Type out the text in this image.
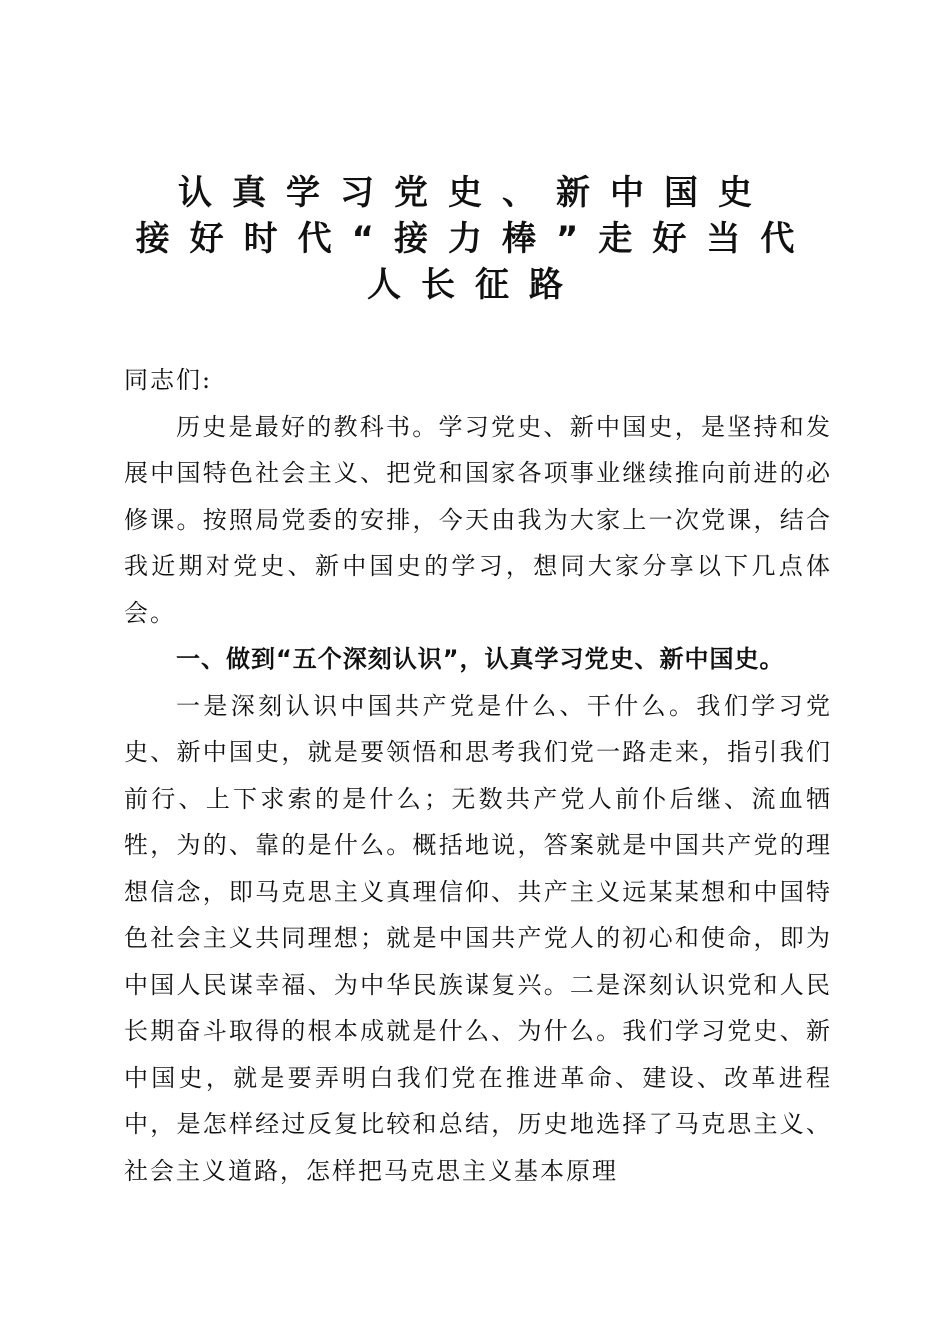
认真学习党史、新中国史
接好时代“接力棒”走好当代
人长征路

同志们:

历史是最好的教科书。学习党史、新中国史，是坚持和发展中国特色社会主义、把党和国家各项事业继续推向前进的必修课。按照局党委的安排，今天由我为大家上一次党课，结合我近期对党史、新中国史的学习，想同大家分享以下几点体会。

一、做到“五个深刻认识”，认真学习党史、新中国史。

一是深刻认识中国共产党是什么、干什么。我们学习党史、新中国史，就是要领悟和思考我们党一路走来，指引我们前行、上下求索的是什么；无数共产党人前仆后继、流血牺牲，为的、靠的是什么。概括地说，答案就是中国共产党的理想信念，即马克思主义真理信仰、共产主义远某某想和中国特色社会主义共同理想；就是中国共产党人的初心和使命，即为中国人民谋幸福、为中华民族谋复兴。二是深刻认识党和人民长期奋斗取得的根本成就是什么、为什么。我们学习党史、新中国史，就是要弄明白我们党在推进革命、建设、改革进程中，是怎样经过反复比较和总结，历史地选择了马克思主义、社会主义道路，怎样把马克思主义基本原理
